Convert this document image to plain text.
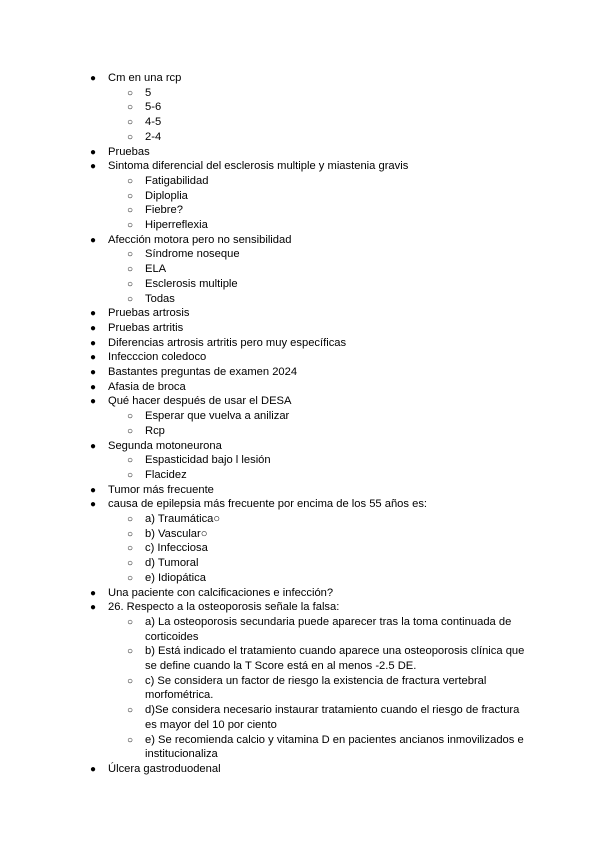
● Cm en una rcp
○ 5
○ 5-6
○ 4-5
○ 2-4
● Pruebas
● Sintoma diferencial del esclerosis multiple y miastenia gravis
○ Fatigabilidad
○ Diploplia
○ Fiebre?
○ Hiperreflexia
● Afección motora pero no sensibilidad
○ Síndrome noseque
○ ELA
○ Esclerosis multiple
○ Todas
● Pruebas artrosis
● Pruebas artritis
● Diferencias artrosis artritis pero muy específicas
● Infecccion coledoco
● Bastantes preguntas de examen 2024
● Afasia de broca
● Qué hacer después de usar el DESA
○ Esperar que vuelva a anilizar
○ Rcp
● Segunda motoneurona
○ Espasticidad bajo l lesión
○ Flacidez
● Tumor más frecuente
● causa de epilepsia más frecuente por encima de los 55 años es:
○ a) Traumática○
○ b) Vascular○
○ c) Infecciosa
○ d) Tumoral
○ e) Idiopática
● Una paciente con calcificaciones e infección?
● 26. Respecto a la osteoporosis señale la falsa:
○ a) La osteoporosis secundaria puede aparecer tras la toma continuada de
corticoides
○ b) Está indicado el tratamiento cuando aparece una osteoporosis clínica que
se define cuando la T Score está en al menos -2.5 DE.
○ c) Se considera un factor de riesgo la existencia de fractura vertebral
morfométrica.
○ d)Se considera necesario instaurar tratamiento cuando el riesgo de fractura
es mayor del 10 por ciento
○ e) Se recomienda calcio y vitamina D en pacientes ancianos inmovilizados e
institucionaliza
● Úlcera gastroduodenal
